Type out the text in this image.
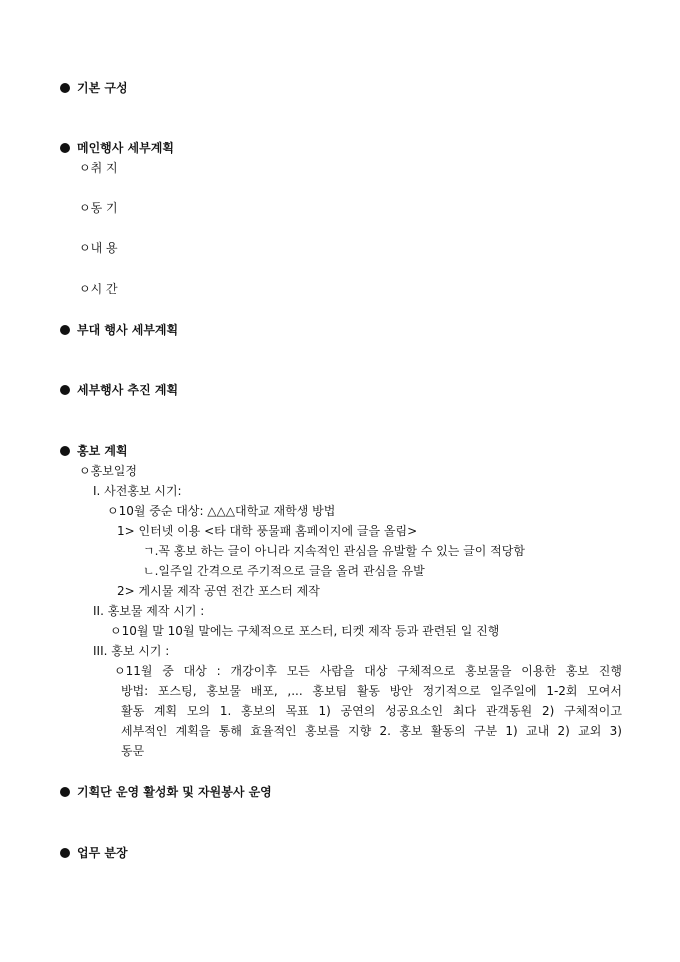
기본 구성
메인행사 세부계획
ㅇ취 지
ㅇ동 기
ㅇ내 용
ㅇ시 간
부대 행사 세부계획
세부행사 추진 계획
홍보 계획
ㅇ홍보일정
I. 사전홍보 시기:
ㅇ10월 중순 대상: △△△대학교 재학생 방법
1> 인터넷 이용 <타 대학 풍물패 홈페이지에 글을 올림>
ㄱ.꼭 홍보 하는 글이 아니라 지속적인 관심을 유발할 수 있는 글이 적당함
ㄴ.일주일 간격으로 주기적으로 글을 올려 관심을 유발
2> 게시물 제작 공연 전간 포스터 제작
II. 홍보물 제작 시기 :
ㅇ10월 말 10월 말에는 구체적으로 포스터, 티켓 제작 등과 관련된 일 진행
III. 홍보 시기 :
ㅇ11월 중 대상 : 개강이후 모든 사람을 대상 구체적으로 홍보물을 이용한 홍보 진행
방법: 포스팅, 홍보물 배포, ,... 홍보팀 활동 방안 정기적으로 일주일에 1-2회 모여서
활동 계획 모의 1. 홍보의 목표 1) 공연의 성공요소인 최다 관객동원 2) 구체적이고
세부적인 계획을 통해 효율적인 홍보를 지향 2. 홍보 활동의 구분 1) 교내 2) 교외 3)
동문
기획단 운영 활성화 및 자원봉사 운영
업무 분장
